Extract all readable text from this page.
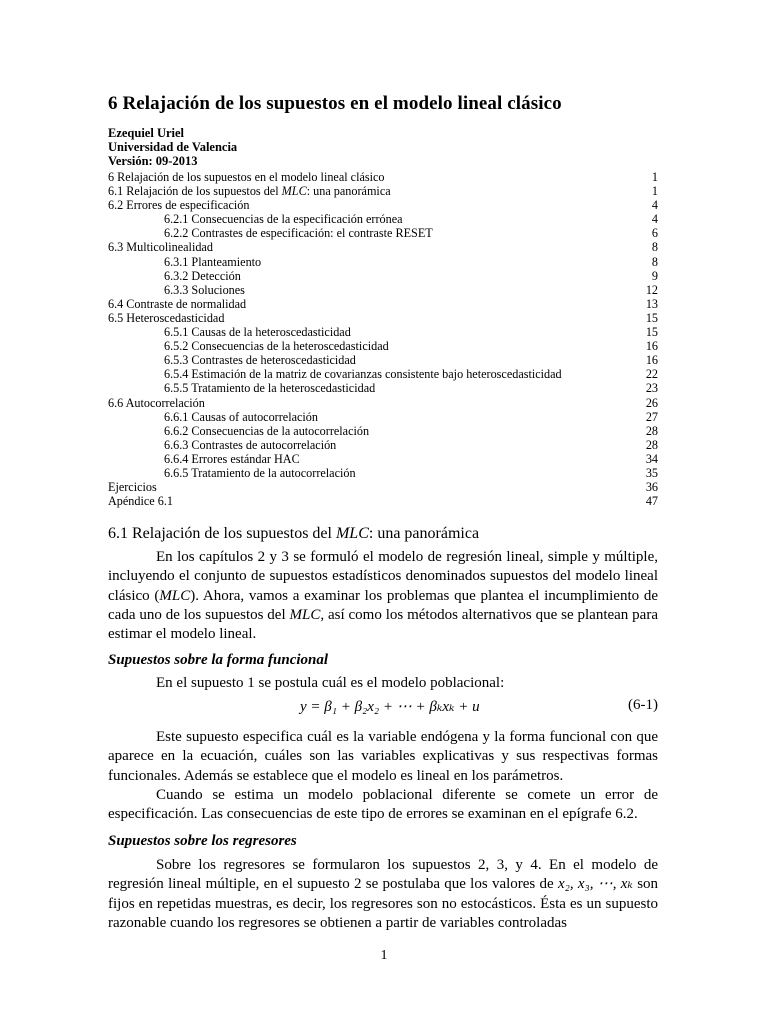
6 Relajación de los supuestos en el modelo lineal clásico
Ezequiel Uriel
Universidad de Valencia
Versión: 09-2013
6 Relajación de los supuestos en el modelo lineal clásico	1
6.1 Relajación de los supuestos del MLC: una panorámica	1
6.2 Errores de especificación	4
6.2.1 Consecuencias de la especificación errónea	4
6.2.2 Contrastes de especificación: el contraste RESET	6
6.3 Multicolinealidad	8
6.3.1 Planteamiento	8
6.3.2 Detección	9
6.3.3 Soluciones	12
6.4 Contraste de normalidad	13
6.5 Heteroscedasticidad	15
6.5.1 Causas de la heteroscedasticidad	15
6.5.2 Consecuencias de la heteroscedasticidad	16
6.5.3 Contrastes de heteroscedasticidad	16
6.5.4 Estimación de la matriz de covarianzas consistente bajo heteroscedasticidad	22
6.5.5 Tratamiento de la heteroscedasticidad	23
6.6 Autocorrelación	26
6.6.1 Causas of autocorrelación	27
6.6.2 Consecuencias de la autocorrelación	28
6.6.3 Contrastes de autocorrelación	28
6.6.4 Errores estándar HAC	34
6.6.5 Tratamiento de la autocorrelación	35
Ejercicios	36
Apéndice 6.1	47
6.1 Relajación de los supuestos del MLC: una panorámica

En los capítulos 2 y 3 se formuló el modelo de regresión lineal, simple y múltiple, incluyendo el conjunto de supuestos estadísticos denominados supuestos del modelo lineal clásico (MLC). Ahora, vamos a examinar los problemas que plantea el incumplimiento de cada uno de los supuestos del MLC, así como los métodos alternativos que se plantean para estimar el modelo lineal.

Supuestos sobre la forma funcional

En el supuesto 1 se postula cuál es el modelo poblacional:

y = β₁ + β₂x₂ + ⋯ + βₖxₖ + u	(6-1)

Este supuesto especifica cuál es la variable endógena y la forma funcional con que aparece en la ecuación, cuáles son las variables explicativas y sus respectivas formas funcionales. Además se establece que el modelo es lineal en los parámetros.

Cuando se estima un modelo poblacional diferente se comete un error de especificación. Las consecuencias de este tipo de errores se examinan en el epígrafe 6.2.

Supuestos sobre los regresores

Sobre los regresores se formularon los supuestos 2, 3, y 4. En el modelo de regresión lineal múltiple, en el supuesto 2 se postulaba que los valores de x₂, x₃, ⋯, xₖ son fijos en repetidas muestras, es decir, los regresores son no estocásticos. Ésta es un supuesto razonable cuando los regresores se obtienen a partir de variables controladas

1
